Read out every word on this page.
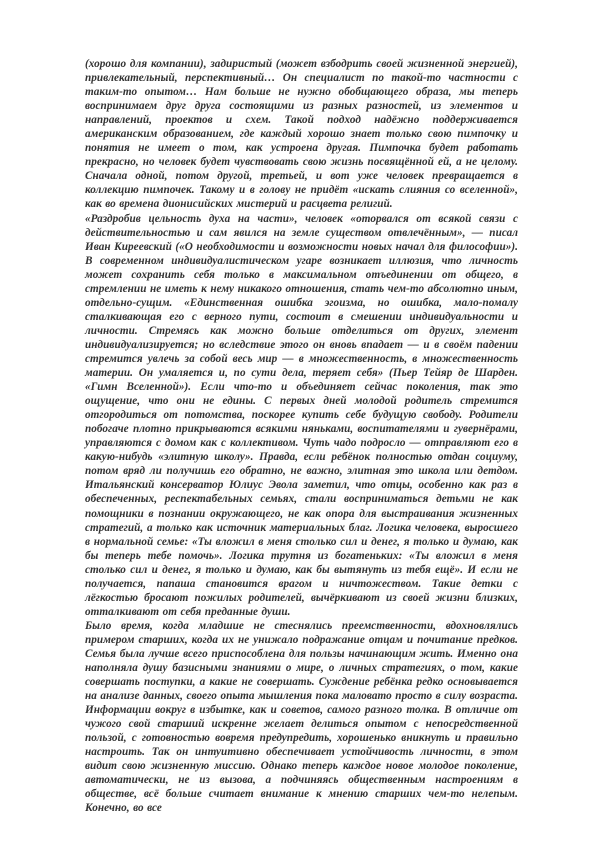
(хорошо для компании), задиристый (может взбодрить своей жизненной энергией), привлекательный, перспективный… Он специалист по такой-то частности с таким-то опытом… Нам больше не нужно обобщающего образа, мы теперь воспринимаем друг друга состоящими из разных разностей, из элементов и направлений, проектов и схем. Такой подход надёжно поддерживается американским образованием, где каждый хорошо знает только свою пимпочку и понятия не имеет о том, как устроена другая. Пимпочка будет работать прекрасно, но человек будет чувствовать свою жизнь посвящённой ей, а не целому. Сначала одной, потом другой, третьей, и вот уже человек превращается в коллекцию пимпочек. Такому и в голову не придёт «искать слияния со вселенной», как во времена дионисийских мистерий и расцвета религий.

«Раздробив цельность духа на части», человек «оторвался от всякой связи с действительностью и сам явился на земле существом отвлечённым», — писал Иван Киреевский («О необходимости и возможности новых начал для философии»). В современном индивидуалистическом угаре возникает иллюзия, что личность может сохранить себя только в максимальном отъединении от общего, в стремлении не иметь к нему никакого отношения, стать чем-то абсолютно иным, отдельно-сущим. «Единственная ошибка эгоизма, но ошибка, мало-помалу сталкивающая его с верного пути, состоит в смешении индивидуальности и личности. Стремясь как можно больше отделиться от других, элемент индивидуализируется; но вследствие этого он вновь впадает — и в своём падении стремится увлечь за собой весь мир — в множественность, в множественность материи. Он умаляется и, по сути дела, теряет себя» (Пьер Тейяр де Шарден. «Гимн Вселенной»). Если что-то и объединяет сейчас поколения, так это ощущение, что они не едины. С первых дней молодой родитель стремится отгородиться от потомства, поскорее купить себе будущую свободу. Родители побогаче плотно прикрываются всякими няньками, воспитателями и гувернёрами, управляются с домом как с коллективом. Чуть чадо подросло — отправляют его в какую-нибудь «элитную школу». Правда, если ребёнок полностью отдан социуму, потом вряд ли получишь его обратно, не важно, элитная это школа или детдом. Итальянский консерватор Юлиус Эвола заметил, что отцы, особенно как раз в обеспеченных, респектабельных семьях, стали восприниматься детьми не как помощники в познании окружающего, не как опора для выстраивания жизненных стратегий, а только как источник материальных благ. Логика человека, выросшего в нормальной семье: «Ты вложил в меня столько сил и денег, я только и думаю, как бы теперь тебе помочь». Логика трутня из богатеньких: «Ты вложил в меня столько сил и денег, я только и думаю, как бы вытянуть из тебя ещё». И если не получается, папаша становится врагом и ничтожеством. Такие детки с лёгкостью бросают пожилых родителей, вычёркивают из своей жизни близких, отталкивают от себя преданные души.

Было время, когда младшие не стеснялись преемственности, вдохновлялись примером старших, когда их не унижало подражание отцам и почитание предков. Семья была лучше всего приспособлена для пользы начинающим жить. Именно она наполняла душу базисными знаниями о мире, о личных стратегиях, о том, какие совершать поступки, а какие не совершать. Суждение ребёнка редко основывается на анализе данных, своего опыта мышления пока маловато просто в силу возраста. Информации вокруг в избытке, как и советов, самого разного толка. В отличие от чужого свой старший искренне желает делиться опытом с непосредственной пользой, с готовностью вовремя предупредить, хорошенько вникнуть и правильно настроить. Так он интуитивно обеспечивает устойчивость личности, в этом видит свою жизненную миссию. Однако теперь каждое новое молодое поколение, автоматически, не из вызова, а подчиняясь общественным настроениям в обществе, всё больше считает внимание к мнению старших чем-то нелепым. Конечно, во все
